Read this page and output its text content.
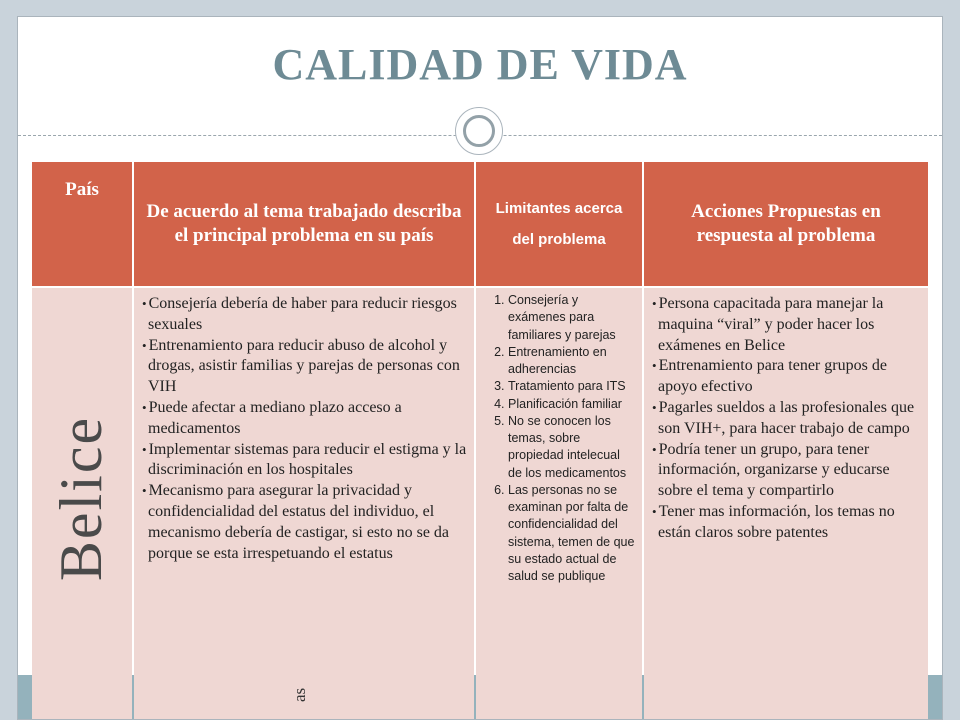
CALIDAD DE VIDA
País
De acuerdo al tema trabajado describa el principal problema en su país
Limitantes acerca del problema
Acciones Propuestas en respuesta al problema
Belice
• Consejería debería de haber para reducir riesgos sexuales
• Entrenamiento para reducir abuso de alcohol y drogas, asistir familias y parejas de personas con VIH
• Puede afectar a mediano plazo acceso a medicamentos
• Implementar sistemas para reducir el estigma y la discriminación en los hospitales
• Mecanismo para asegurar la privacidad y confidencialidad del estatus del individuo, el mecanismo debería de castigar, si esto no se da porque se esta irrespetuando el estatus
1. Consejería y exámenes para familiares y parejas
2. Entrenamiento en adherencias
3. Tratamiento para ITS
4. Planificación familiar
5. No se conocen los temas, sobre propiedad intelecual de los medicamentos
6. Las personas no se examinan por falta de confidencialidad del sistema, temen de que su estado actual de salud se publique
• Persona capacitada para manejar la maquina “viral” y poder hacer los exámenes en Belice
• Entrenamiento para tener grupos de apoyo efectivo
• Pagarles sueldos a las profesionales que son VIH+, para hacer trabajo de campo
• Podría tener un grupo, para tener información, organizarse y educarse sobre el tema y compartirlo
• Tener mas información, los temas no están claros sobre patentes
as
